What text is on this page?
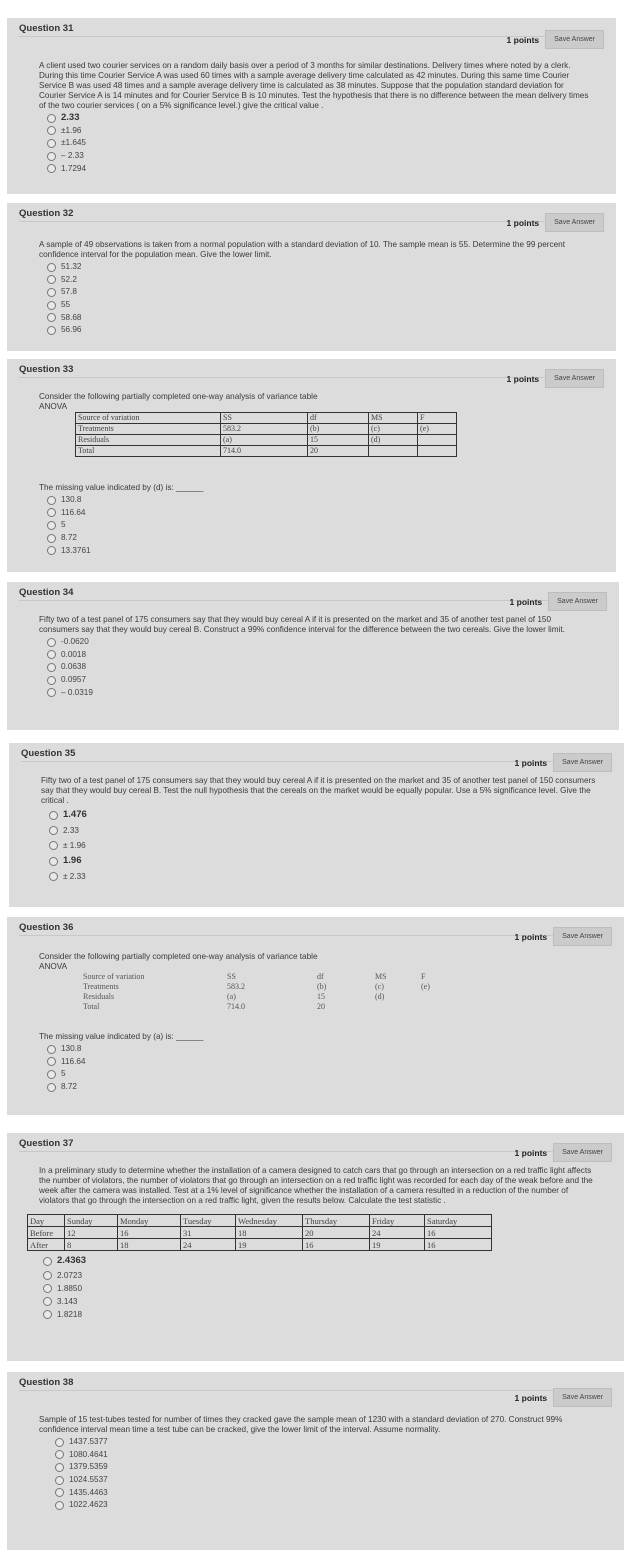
Question 31
1 points	Save Answer
A client used two courier services on a random daily basis over a period of 3 months for similar destinations. Delivery times where noted by a clerk. During this time Courier Service A was used 60 times with a sample average delivery time calculated as 42 minutes. During this same time Courier Service B was used 48 times and a sample average delivery time is calculated as 38 minutes. Suppose that the population standard deviation for Courier Service A is 14 minutes and for Courier Service B is 10 minutes. Test the hypothesis that there is no difference between the mean delivery times of the two courier services ( on a 5% significance level.) give the critical value .
2.33
±1.96
±1.645
– 2.33
1.7294
Question 32
1 points	Save Answer
A sample of 49 observations is taken from a normal population with a standard deviation of 10. The sample mean is 55. Determine the 99 percent confidence interval for the population mean. Give the lower limit.
51.32
52.2
57.8
55
58.68
56.96
Question 33
1 points	Save Answer
Consider the following partially completed one-way analysis of variance table
ANOVA
Source of variation	SS	df	MS	F
Treatments	583.2	(b)	(c)	(e)
Residuals	(a)	15	(d)	
Total	714.0	20		
The missing value indicated by (d) is: ______
130.8
116.64
5
8.72
13.3761
Question 34
1 points	Save Answer
Fifty two of a test panel of 175 consumers say that they would buy cereal A if it is presented on the market and 35 of another test panel of 150 consumers say that they would buy cereal B. Construct a 99% confidence interval for the difference between the two cereals. Give the lower limit.
-0.0620
0.0018
0.0638
0.0957
– 0.0319
Question 35
1 points	Save Answer
Fifty two of a test panel of 175 consumers say that they would buy cereal A if it is presented on the market and 35 of another test panel of 150 consumers say that they would buy cereal B. Test the null hypothesis that the cereals on the market would be equally popular. Use a 5% significance level. Give the critical .
1.476
2.33
± 1.96
1.96
± 2.33
Question 36
1 points	Save Answer
Consider the following partially completed one-way analysis of variance table
ANOVA
Source of variation	SS	df	MS	F
Treatments	583.2	(b)	(c)	(e)
Residuals	(a)	15	(d)	
Total	714.0	20		
The missing value indicated by (a) is: ______
130.8
116.64
5
8.72
Question 37
1 points	Save Answer
In a preliminary study to determine whether the installation of a camera designed to catch cars that go through an intersection on a red traffic light affects the number of violators, the number of violators that go through an intersection on a red traffic light was recorded for each day of the weak before and the week after the camera was installed. Test at a 1% level of significance whether the installation of a camera resulted in a reduction of the number of violators that go through the intersection on a red traffic light, given the results below. Calculate the test statistic .
Day	Sunday	Monday	Tuesday	Wednesday	Thursday	Friday	Saturday
Before	12	16	31	18	20	24	16
After	8	18	24	19	16	19	16
2.4363
2.0723
1.8850
3.143
1.8218
Question 38
1 points	Save Answer
Sample of 15 test-tubes tested for number of times they cracked gave the sample mean of 1230 with a standard deviation of 270. Construct 99% confidence interval mean time a test tube can be cracked, give the lower limit of the interval. Assume normality.
1437.5377
1080.4641
1379.5359
1024.5537
1435.4463
1022.4623
